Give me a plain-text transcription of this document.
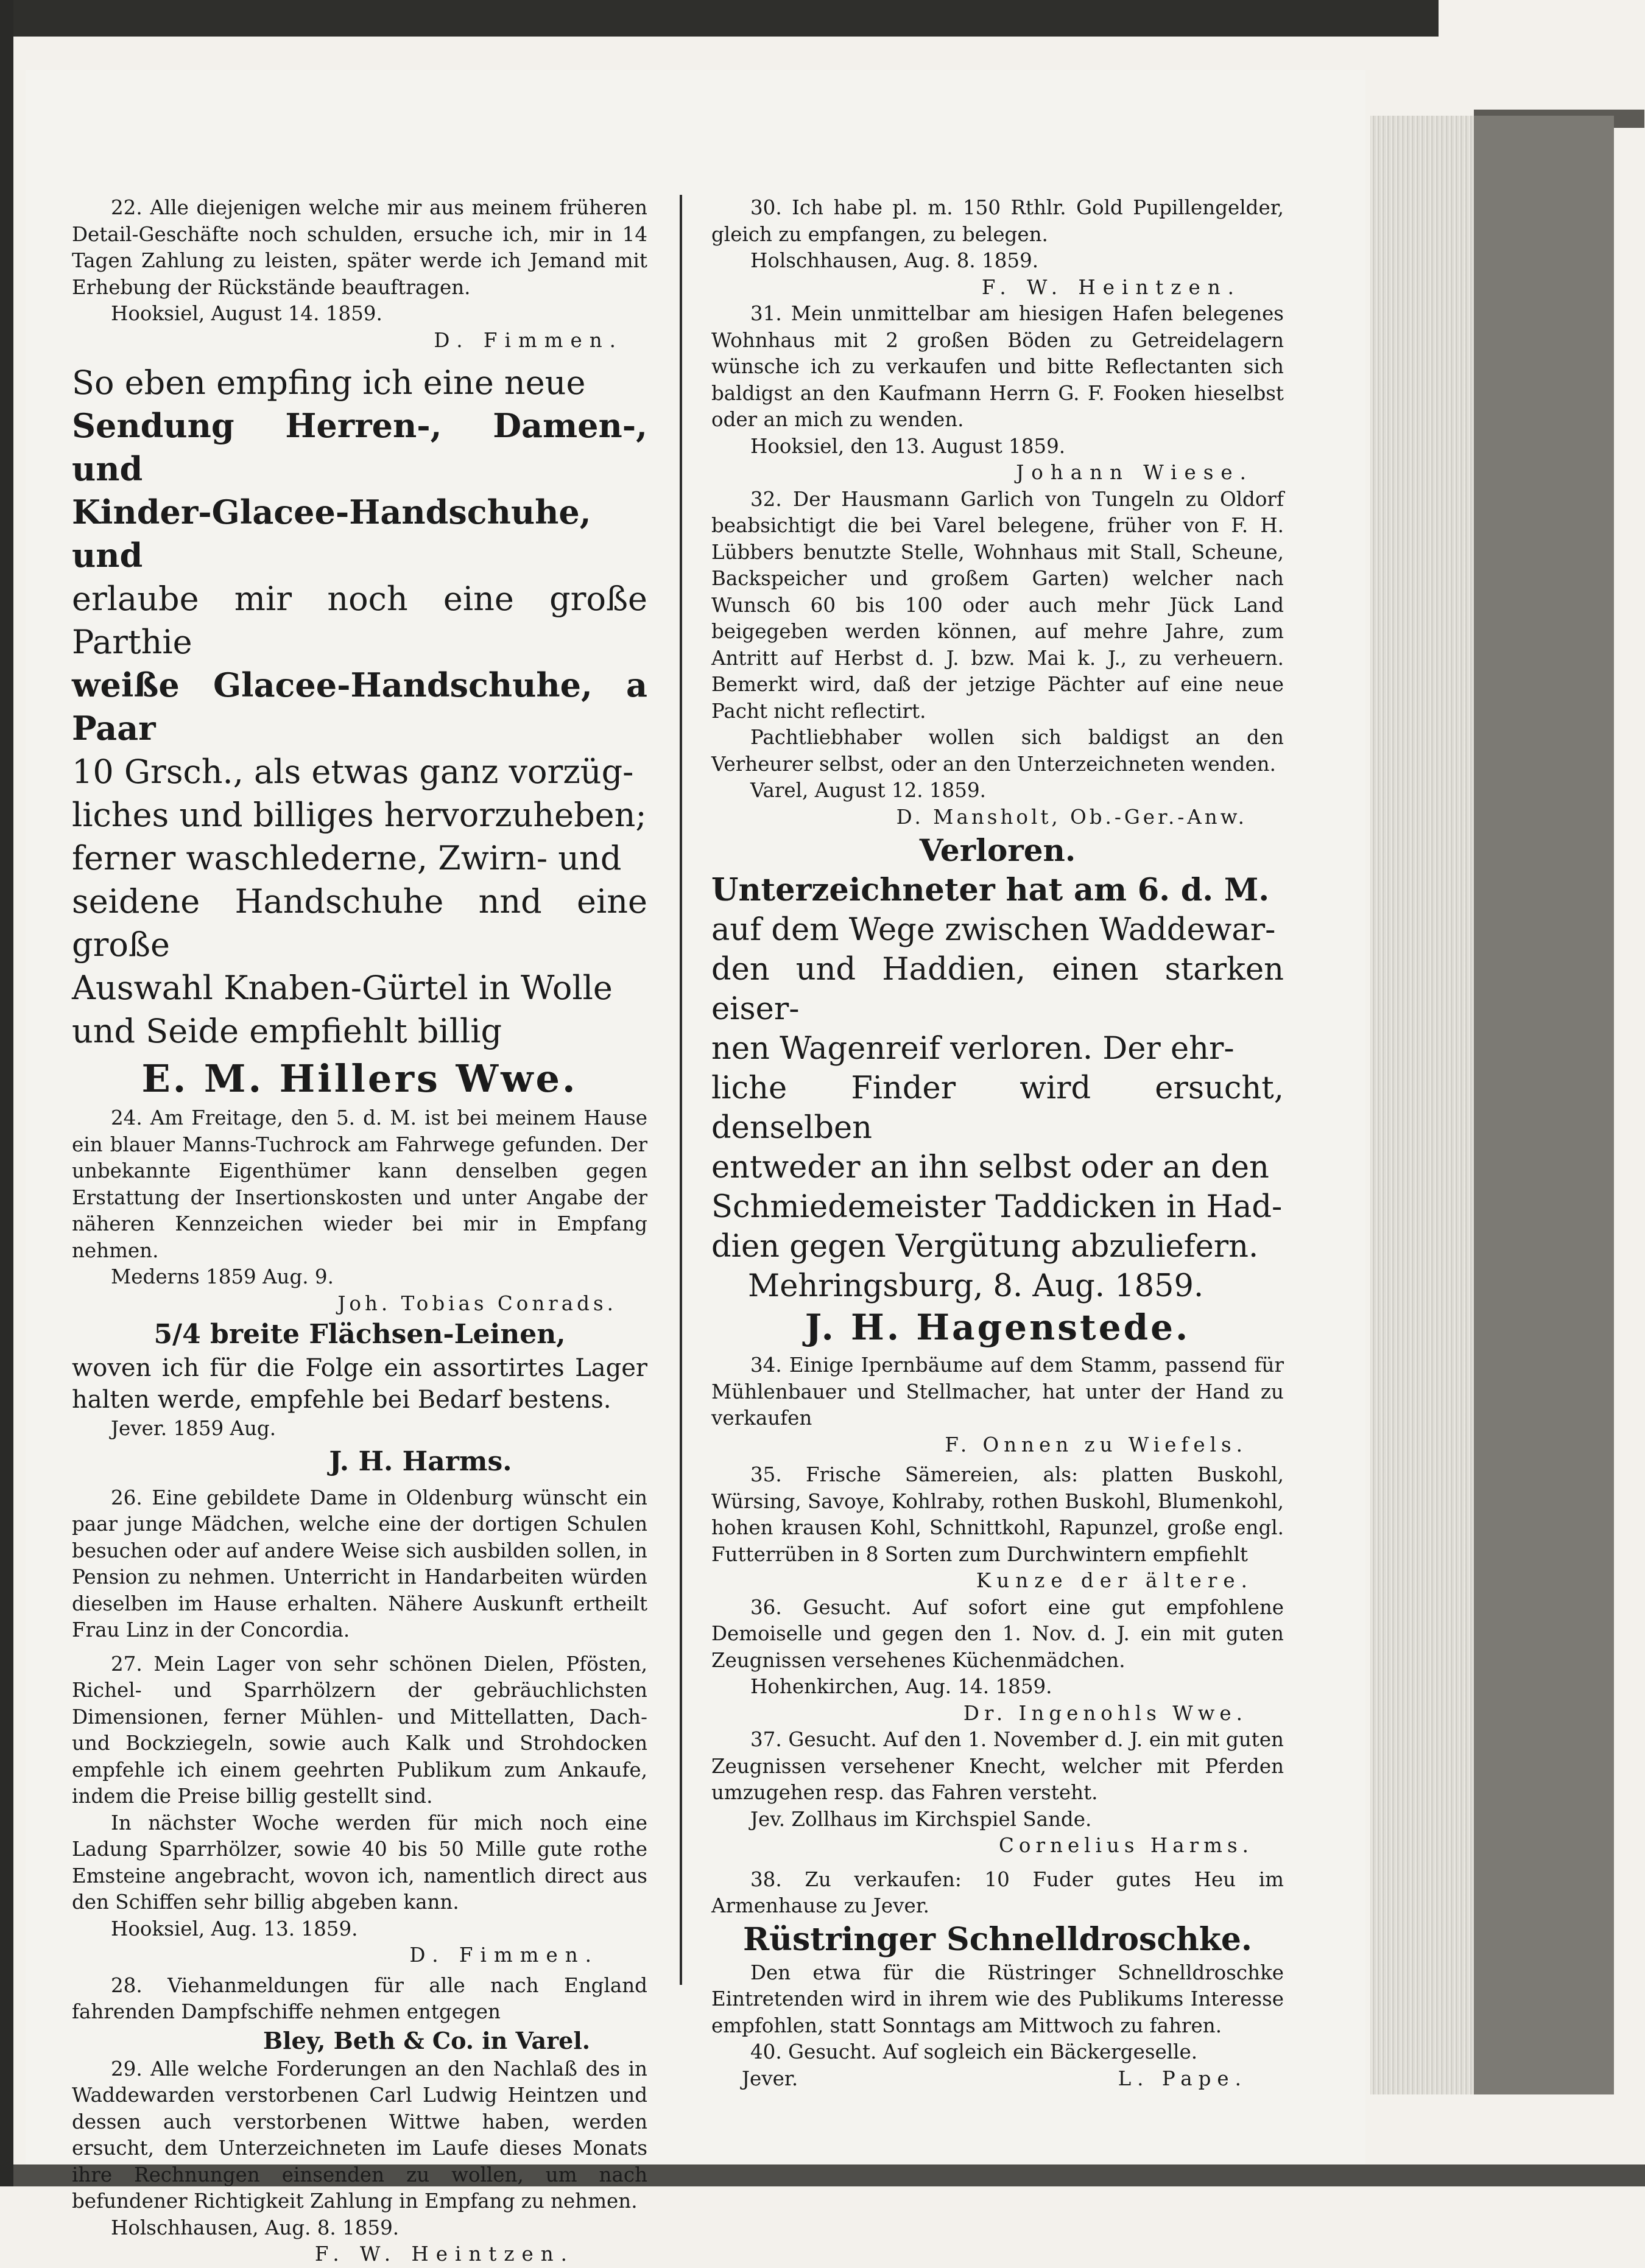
22. Alle diejenigen welche mir aus meinem früheren Detail-Geschäfte noch schulden, ersuche ich, mir in 14 Tagen Zahlung zu leisten, später werde ich Jemand mit Erhebung der Rückstände beauftragen.

Hooksiel, August 14. 1859.

D. Fimmen.

So eben empfing ich eine neue
Sendung Herren-, Damen-, und
Kinder-Glacee-Handschuhe, und
erlaube mir noch eine große Parthie
weiße Glacee-Handschuhe, a Paar
10 Grsch., als etwas ganz vorzüg-
liches und billiges hervorzuheben;
ferner waschlederne, Zwirn- und
seidene Handschuhe nnd eine große
Auswahl Knaben-Gürtel in Wolle
und Seide empfiehlt billig
E. M. Hillers Wwe.

24. Am Freitage, den 5. d. M. ist bei meinem Hause ein blauer Manns-Tuchrock am Fahrwege gefunden. Der unbekannte Eigenthümer kann denselben gegen Erstattung der Insertionskosten und unter Angabe der näheren Kennzeichen wieder bei mir in Empfang nehmen.

Mederns 1859 Aug. 9.

Joh. Tobias Conrads.

5/4 breite Flächsen-Leinen,

woven ich für die Folge ein assortirtes Lager halten werde, empfehle bei Bedarf bestens.

Jever. 1859 Aug.

J. H. Harms.

26. Eine gebildete Dame in Oldenburg wünscht ein paar junge Mädchen, welche eine der dortigen Schulen besuchen oder auf andere Weise sich ausbilden sollen, in Pension zu nehmen. Unterricht in Handarbeiten würden dieselben im Hause erhalten. Nähere Auskunft ertheilt Frau Linz in der Concordia.

27. Mein Lager von sehr schönen Dielen, Pfösten, Richel- und Sparrhölzern der gebräuchlichsten Dimensionen, ferner Mühlen- und Mittellatten, Dach- und Bockziegeln, sowie auch Kalk und Strohdocken empfehle ich einem geehrten Publikum zum Ankaufe, indem die Preise billig gestellt sind.

In nächster Woche werden für mich noch eine Ladung Sparrhölzer, sowie 40 bis 50 Mille gute rothe Emsteine angebracht, wovon ich, namentlich direct aus den Schiffen sehr billig abgeben kann.

Hooksiel, Aug. 13. 1859.

D. Fimmen.

28. Viehanmeldungen für alle nach England fahrenden Dampfschiffe nehmen entgegen

Bley, Beth & Co. in Varel.

29. Alle welche Forderungen an den Nachlaß des in Waddewarden verstorbenen Carl Ludwig Heintzen und dessen auch verstorbenen Wittwe haben, werden ersucht, dem Unterzeichneten im Laufe dieses Monats ihre Rechnungen einsenden zu wollen, um nach befundener Richtigkeit Zahlung in Empfang zu nehmen.

Holschhausen, Aug. 8. 1859.

F. W. Heintzen.

30. Ich habe pl. m. 150 Rthlr. Gold Pupillengelder, gleich zu empfangen, zu belegen.

Holschhausen, Aug. 8. 1859.

F. W. Heintzen.

31. Mein unmittelbar am hiesigen Hafen belegenes Wohnhaus mit 2 großen Böden zu Getreidelagern wünsche ich zu verkaufen und bitte Reflectanten sich baldigst an den Kaufmann Herrn G. F. Fooken hieselbst oder an mich zu wenden.

Hooksiel, den 13. August 1859.

Johann Wiese.

32. Der Hausmann Garlich von Tungeln zu Oldorf beabsichtigt die bei Varel belegene, früher von F. H. Lübbers benutzte Stelle, Wohnhaus mit Stall, Scheune, Backspeicher und großem Garten) welcher nach Wunsch 60 bis 100 oder auch mehr Jück Land beigegeben werden können, auf mehre Jahre, zum Antritt auf Herbst d. J. bzw. Mai k. J., zu verheuern. Bemerkt wird, daß der jetzige Pächter auf eine neue Pacht nicht reflectirt.

Pachtliebhaber wollen sich baldigst an den Verheurer selbst, oder an den Unterzeichneten wenden.

Varel, August 12. 1859.

D. Mansholt, Ob.-Ger.-Anw.

Verloren.
Unterzeichneter hat am 6. d. M.
auf dem Wege zwischen Waddewar-
den und Haddien, einen starken eiser-
nen Wagenreif verloren. Der ehr-
liche Finder wird ersucht, denselben
entweder an ihn selbst oder an den
Schmiedemeister Taddicken in Had-
dien gegen Vergütung abzuliefern.
Mehringsburg, 8. Aug. 1859.
J. H. Hagenstede.

34. Einige Ipernbäume auf dem Stamm, passend für Mühlenbauer und Stellmacher, hat unter der Hand zu verkaufen

F. Onnen zu Wiefels.

35. Frische Sämereien, als: platten Buskohl, Würsing, Savoye, Kohlraby, rothen Buskohl, Blumenkohl, hohen krausen Kohl, Schnittkohl, Rapunzel, große engl. Futterrüben in 8 Sorten zum Durchwintern empfiehlt

Kunze der ältere.

36. Gesucht. Auf sofort eine gut empfohlene Demoiselle und gegen den 1. Nov. d. J. ein mit guten Zeugnissen versehenes Küchenmädchen.

Hohenkirchen, Aug. 14. 1859.

Dr. Ingenohls Wwe.

37. Gesucht. Auf den 1. November d. J. ein mit guten Zeugnissen versehener Knecht, welcher mit Pferden umzugehen resp. das Fahren versteht.

Jev. Zollhaus im Kirchspiel Sande.

Cornelius Harms.

38. Zu verkaufen: 10 Fuder gutes Heu im Armenhause zu Jever.

Rüstringer Schnelldroschke.

Den etwa für die Rüstringer Schnelldroschke Eintretenden wird in ihrem wie des Publikums Interesse empfohlen, statt Sonntags am Mittwoch zu fahren.

40. Gesucht. Auf sogleich ein Bäckergeselle.

Jever.	L. Pape.
